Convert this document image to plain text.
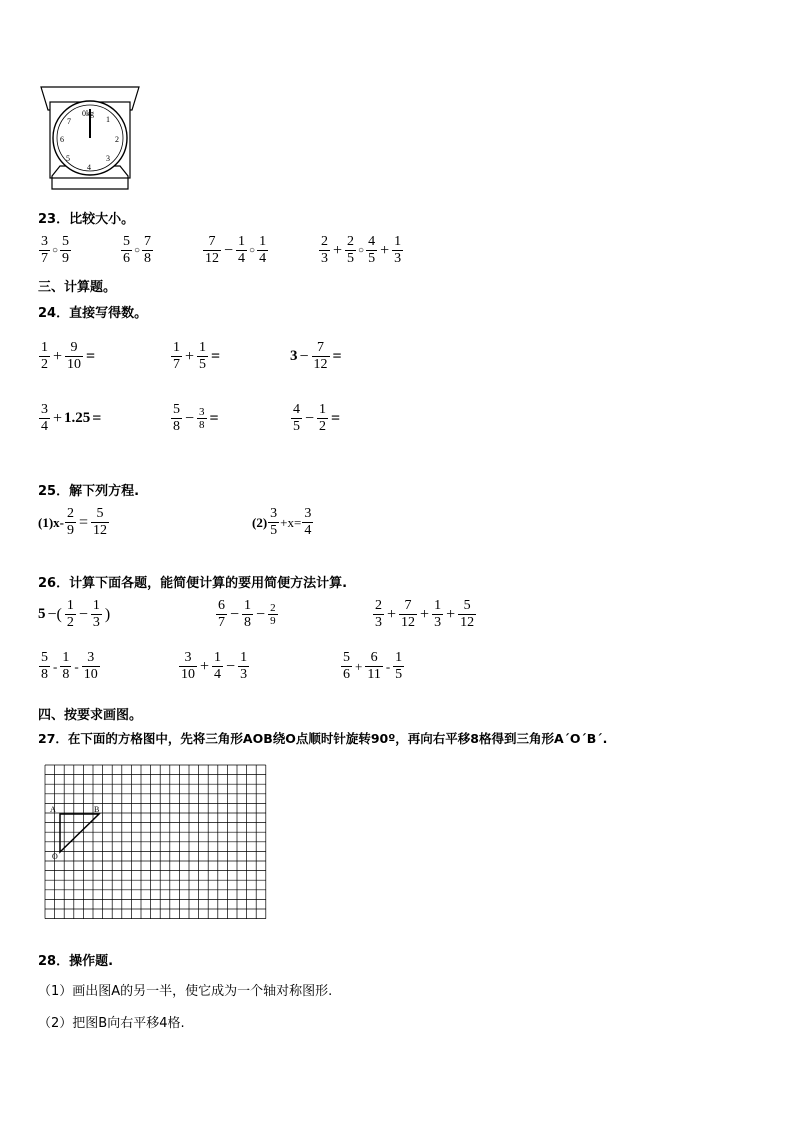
0kg
1
2
3
4
5
6
7
23．比较大小。
$\frac{3}{7}$ ○ $\frac{5}{9}$	$\frac{5}{6}$ ○ $\frac{7}{8}$	$\frac{7}{12} - \frac{1}{4}$ ○ $\frac{1}{4}$	$\frac{2}{3} + \frac{2}{5}$ ○ $\frac{4}{5} + \frac{1}{3}$
三、计算题。
24．直接写得数。
$\frac{1}{2} + \frac{9}{10}$ =	$\frac{1}{7} + \frac{1}{5}$ =	$3 - \frac{7}{12}$ =
$\frac{3}{4} + 1.25$ =	$\frac{5}{8} - \frac{3}{8}$ =	$\frac{4}{5} - \frac{1}{2}$ =
25．解下列方程.
$(1)x- \frac{2}{9} = \frac{5}{12}$	$(2) \frac{3}{5} +x= \frac{3}{4}$
26．计算下面各题，能简便计算的要用简便方法计算.
5 −( $\frac{1}{2} - \frac{1}{3}$ )	$\frac{6}{7} - \frac{1}{8} - \frac{2}{9}$	$\frac{2}{3} + \frac{7}{12} + \frac{1}{3} + \frac{5}{12}$
$\frac{5}{8} - \frac{1}{8} - \frac{3}{10}$	$\frac{3}{10} + \frac{1}{4} - \frac{1}{3}$	$\frac{5}{6} + \frac{6}{11} - \frac{1}{5}$
四、按要求画图。
27．在下面的方格图中，先将三角形AOB绕O点顺时针旋转90º，再向右平移8格得到三角形A´O´B´.
A	B
O
28．操作题.
（1）画出图A的另一半，使它成为一个轴对称图形.
（2）把图B向右平移4格.
